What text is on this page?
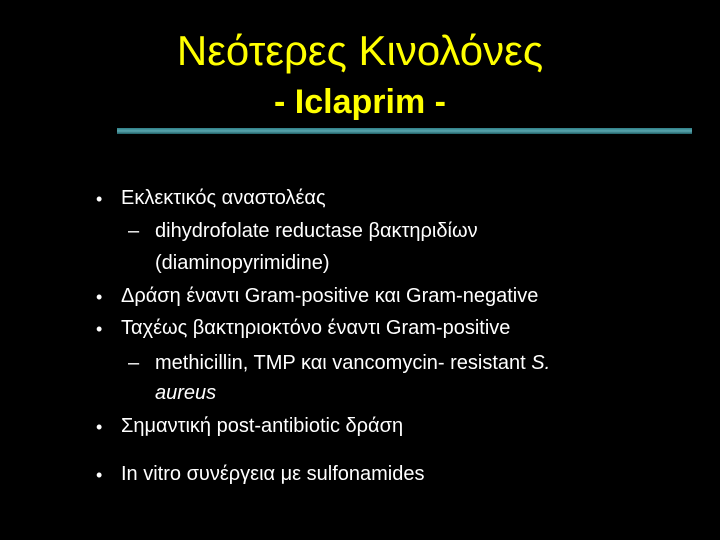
Νεότερες Κινολόνες
- Iclaprim -
• Εκλεκτικός αναστολέας
– dihydrofolate reductase βακτηριδίων
(diaminopyrimidine)
• Δράση έναντι Gram-positive και Gram-negative
• Ταχέως βακτηριοκτόνο έναντι Gram-positive
– methicillin, TMP και vancomycin- resistant S.
aureus
• Σημαντική post-antibiotic δράση
• In vitro συνέργεια με sulfonamides
